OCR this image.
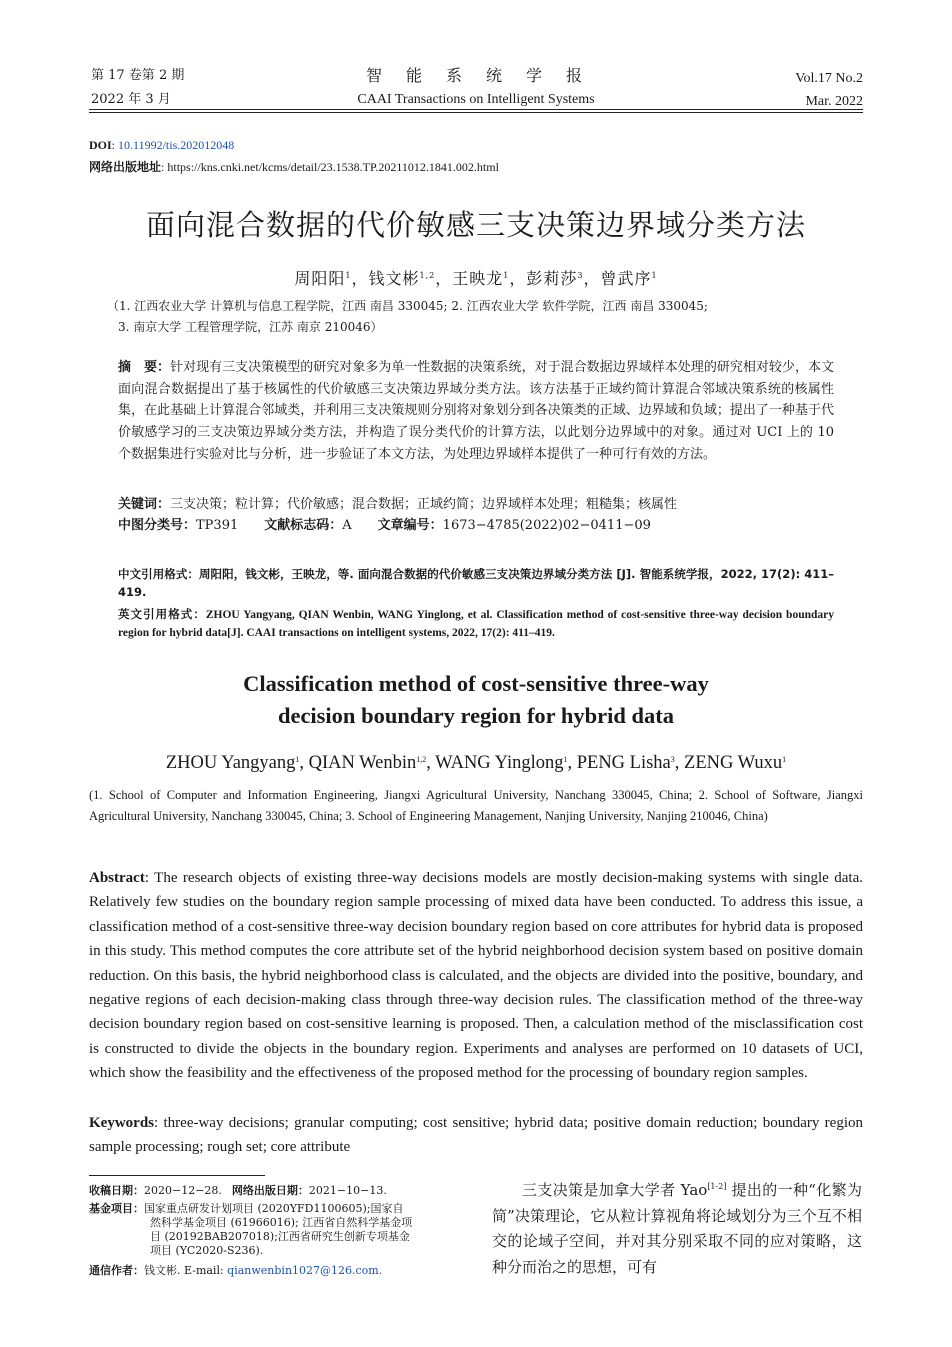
第 17 卷第 2 期
2022 年 3 月
智　能　系　统　学　报
CAAI Transactions on Intelligent Systems
Vol.17 No.2
Mar. 2022
DOI: 10.11992/tis.202012048
网络出版地址: https://kns.cnki.net/kcms/detail/23.1538.TP.20211012.1841.002.html
面向混合数据的代价敏感三支决策边界域分类方法
周阳阳$^1$，钱文彬$^{1,2}$，王映龙$^1$，彭莉莎$^3$，曾武序$^1$
（1. 江西农业大学 计算机与信息工程学院，江西 南昌 330045; 2. 江西农业大学 软件学院，江西 南昌 330045;
3. 南京大学 工程管理学院，江苏 南京 210046）
摘　要：针对现有三支决策模型的研究对象多为单一性数据的决策系统，对于混合数据边界域样本处理的研究相对较少，本文面向混合数据提出了基于核属性的代价敏感三支决策边界域分类方法。该方法基于正域约简计算混合邻域决策系统的核属性集，在此基础上计算混合邻域类，并利用三支决策规则分别将对象划分到各决策类的正域、边界域和负域；提出了一种基于代价敏感学习的三支决策边界域分类方法，并构造了误分类代价的计算方法，以此划分边界域中的对象。通过对 UCI 上的 10 个数据集进行实验对比与分析，进一步验证了本文方法，为处理边界域样本提供了一种可行有效的方法。
关键词：三支决策；粒计算；代价敏感；混合数据；正域约简；边界域样本处理；粗糙集；核属性
中图分类号：TP391 文献标志码：A 文章编号：1673−4785(2022)02−0411−09
中文引用格式：周阳阳，钱文彬，王映龙，等. 面向混合数据的代价敏感三支决策边界域分类方法 [J]. 智能系统学报，2022, 17(2): 411–419.
英文引用格式：ZHOU Yangyang, QIAN Wenbin, WANG Yinglong, et al. Classification method of cost-sensitive three-way decision boundary region for hybrid data[J]. CAAI transactions on intelligent systems, 2022, 17(2): 411–419.
Classification method of cost-sensitive three-way
decision boundary region for hybrid data
ZHOU Yangyang$^1$, QIAN Wenbin$^{1,2}$, WANG Yinglong$^1$, PENG Lisha$^3$, ZENG Wuxu$^1$
(1. School of Computer and Information Engineering, Jiangxi Agricultural University, Nanchang 330045, China; 2. School of Software, Jiangxi Agricultural University, Nanchang 330045, China; 3. School of Engineering Management, Nanjing University, Nanjing 210046, China)
Abstract: The research objects of existing three-way decisions models are mostly decision-making systems with single data. Relatively few studies on the boundary region sample processing of mixed data have been conducted. To address this issue, a classification method of a cost-sensitive three-way decision boundary region based on core attributes for hybrid data is proposed in this study. This method computes the core attribute set of the hybrid neighborhood decision system based on positive domain reduction. On this basis, the hybrid neighborhood class is calculated, and the objects are divided into the positive, boundary, and negative regions of each decision-making class through three-way decision rules. The classification method of the three-way decision boundary region based on cost-sensitive learning is proposed. Then, a calculation method of the misclassification cost is constructed to divide the objects in the boundary region. Experiments and analyses are performed on 10 datasets of UCI, which show the feasibility and the effectiveness of the proposed method for the processing of boundary region samples.
Keywords: three-way decisions; granular computing; cost sensitive; hybrid data; positive domain reduction; boundary region sample processing; rough set; core attribute
收稿日期：2020−12−28. 网络出版日期：2021−10−13.
基金项目：国家重点研发计划项目 (2020YFD1100605);国家自
然科学基金项目 (61966016); 江西省自然科学基金项
目 (20192BAB207018);江西省研究生创新专项基金
项目 (YC2020-S236).
通信作者：钱文彬. E-mail: qianwenbin1027@126.com.
三支决策是加拿大学者 Yao[1-2] 提出的一种“化繁为简”决策理论，它从粒计算视角将论域划分为三个互不相交的论域子空间，并对其分别采取不同的应对策略，这种分而治之的思想，可有
